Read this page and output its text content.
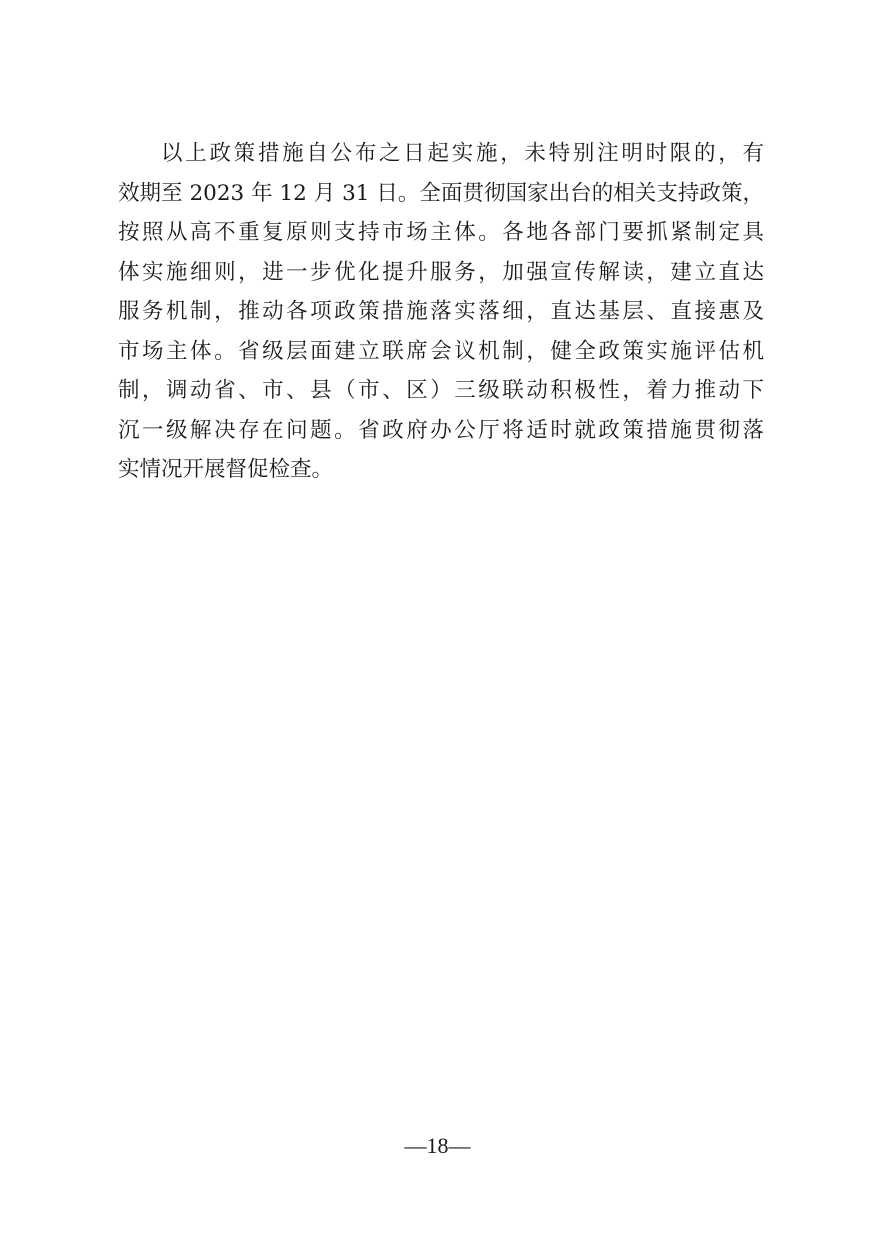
以上政策措施自公布之日起实施，未特别注明时限的，有
效期至 2023 年 12 月 31 日。全面贯彻国家出台的相关支持政策，
按照从高不重复原则支持市场主体。各地各部门要抓紧制定具
体实施细则，进一步优化提升服务，加强宣传解读，建立直达
服务机制，推动各项政策措施落实落细，直达基层、直接惠及
市场主体。省级层面建立联席会议机制，健全政策实施评估机
制，调动省、市、县（市、区）三级联动积极性，着力推动下
沉一级解决存在问题。省政府办公厅将适时就政策措施贯彻落
实情况开展督促检查。
—18—
